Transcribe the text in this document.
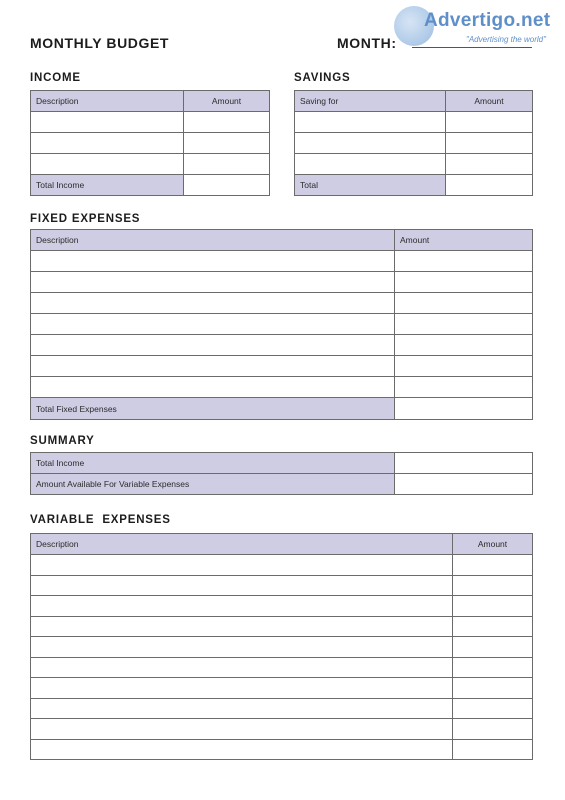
MONTHLY BUDGET	MONTH:
Advertigo.net
"Advertising the world"
INCOME
Description	Amount

Total Income	
SAVINGS
Saving for	Amount

Total	
FIXED EXPENSES
Description	Amount

Total Fixed Expenses	
SUMMARY
Total Income	
Amount Available For Variable Expenses	
VARIABLE  EXPENSES
Description	Amount
